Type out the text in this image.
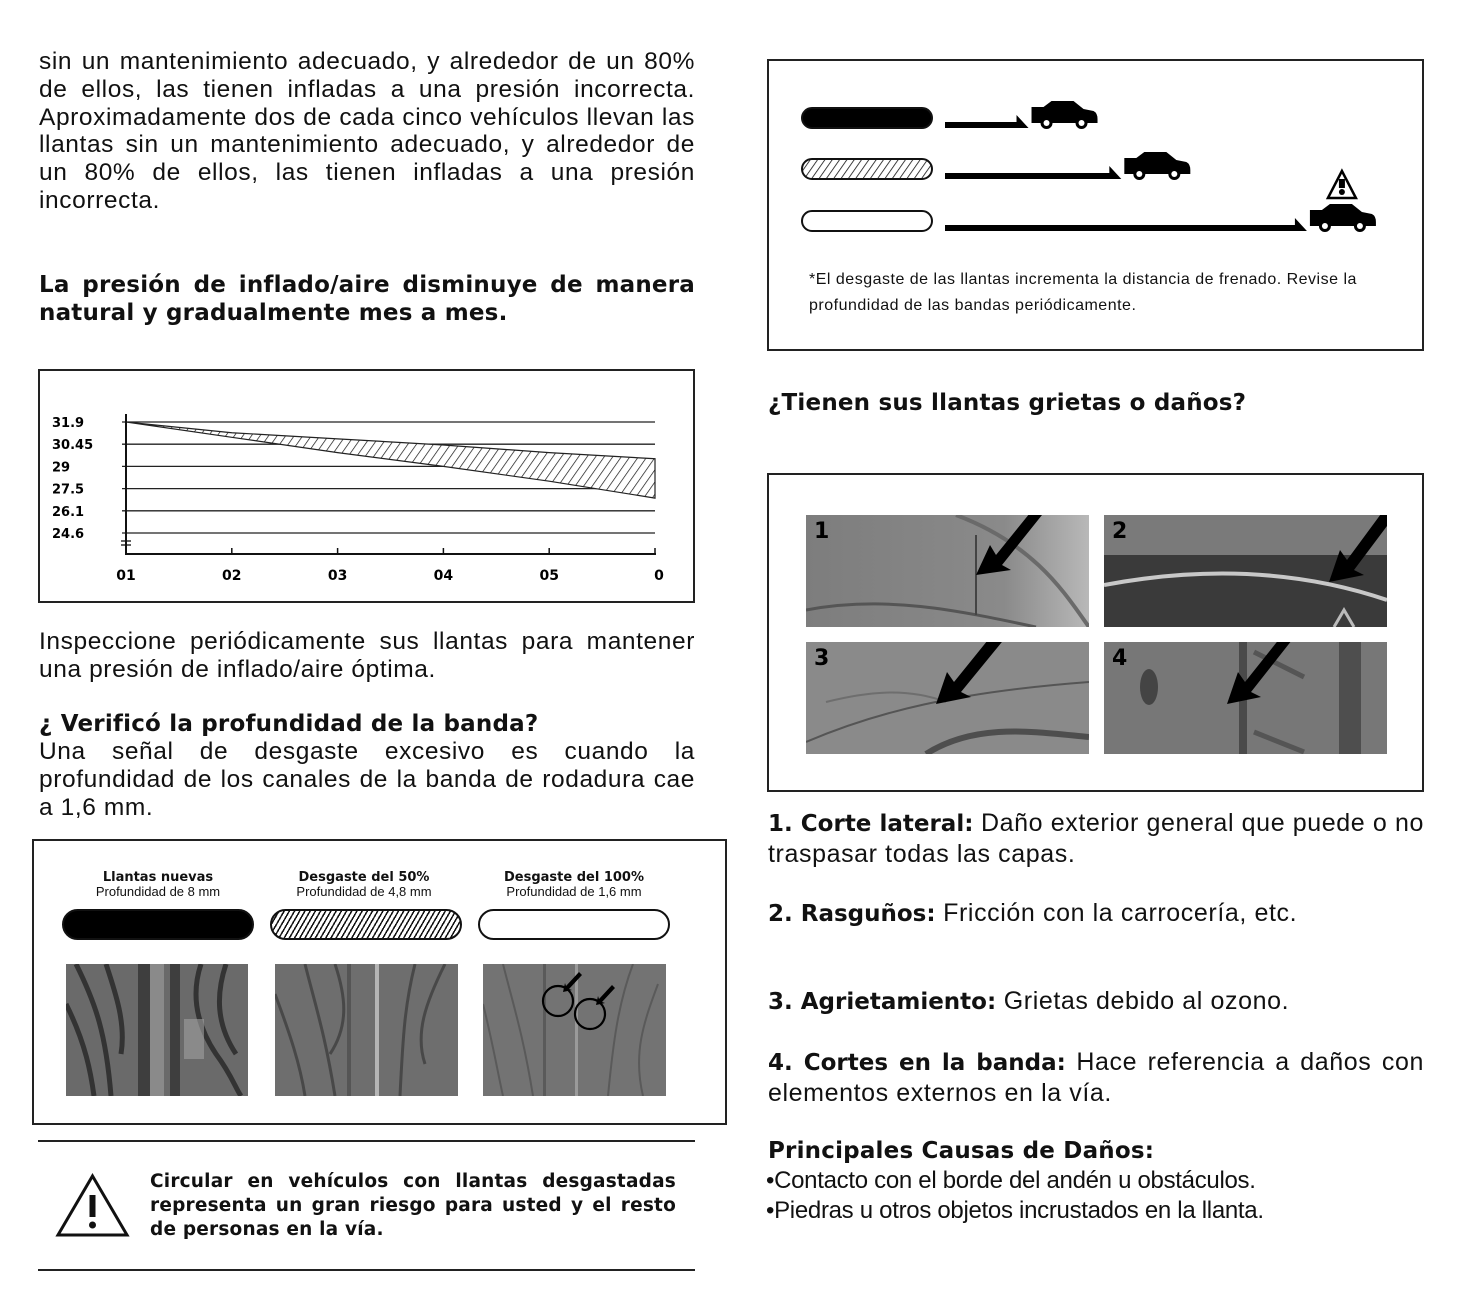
sin un mantenimiento adecuado, y alrededor de un 80% de ellos, las tienen infladas a una presión incorrecta. Aproximadamente dos de cada cinco vehículos llevan las llantas sin un mantenimiento adecuado, y alrededor de un 80% de ellos, las tienen infladas a una presión incorrecta.
La presión de inflado/aire disminuye de manera natural y gradualmente mes a mes.
31.9
30.45
29
27.5
26.1
24.6
01	02	03	04	05	0
Inspeccione periódicamente sus llantas para mantener una presión de inflado/aire óptima.
¿ Verificó la profundidad de la banda?
Una señal de desgaste excesivo es cuando la profundidad de los canales de la banda de rodadura cae a 1,6 mm.
Llantas nuevas
Profundidad de 8 mm
Desgaste del 50%
Profundidad de 4,8 mm
Desgaste del 100%
Profundidad de 1,6 mm
Circular en vehículos con llantas desgastadas representa un gran riesgo para usted y el resto de personas en la vía.
*El desgaste de las llantas incrementa la distancia de frenado. Revise la profundidad de las bandas periódicamente.
¿Tienen sus llantas grietas o daños?
1	2
3	4
1. Corte lateral: Daño exterior general que puede o no traspasar todas las capas.
2. Rasguños: Fricción con la carrocería, etc.
3. Agrietamiento: Grietas debido al ozono.
4. Cortes en la banda: Hace referencia a daños con elementos externos en la vía.
Principales Causas de Daños:
•Contacto con el borde del andén u obstáculos.
•Piedras u otros objetos incrustados en la llanta.
